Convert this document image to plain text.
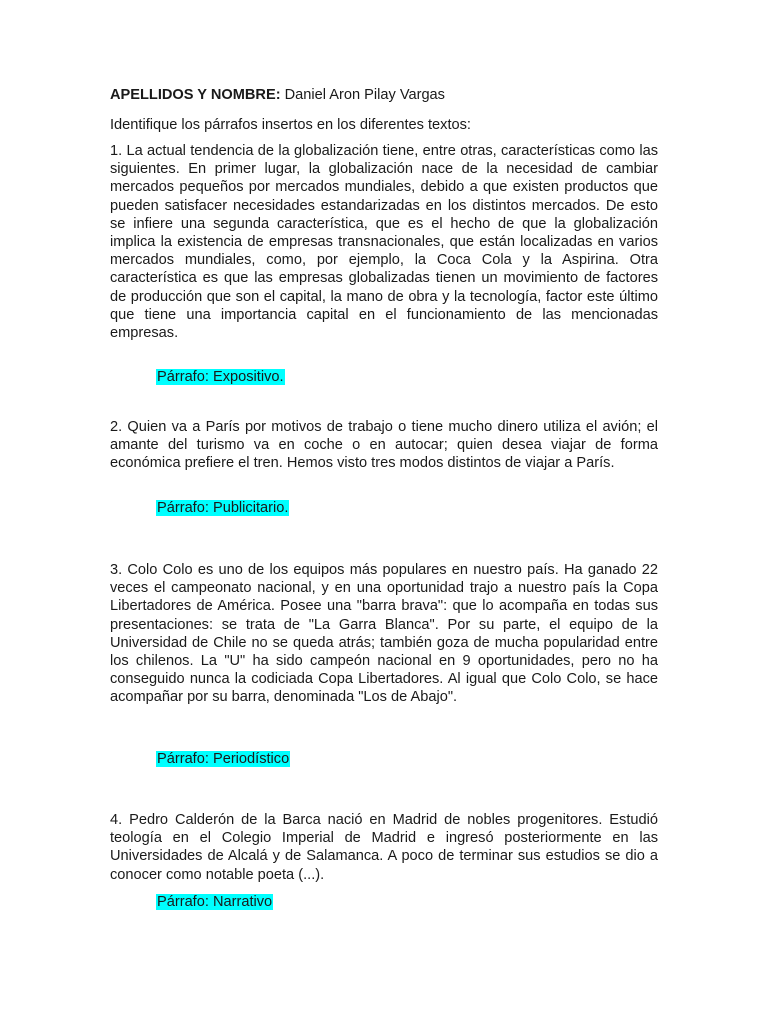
APELLIDOS Y NOMBRE: Daniel Aron Pilay Vargas
Identifique los párrafos insertos en los diferentes textos:
1. La actual tendencia de la globalización tiene, entre otras, características como las siguientes. En primer lugar, la globalización nace de la necesidad de cambiar mercados pequeños por mercados mundiales, debido a que existen productos que pueden satisfacer necesidades estandarizadas en los distintos mercados. De esto se infiere una segunda característica, que es el hecho de que la globalización implica la existencia de empresas transnacionales, que están localizadas en varios mercados mundiales, como, por ejemplo, la Coca Cola y la Aspirina. Otra característica es que las empresas globalizadas tienen un movimiento de factores de producción que son el capital, la mano de obra y la tecnología, factor este último que tiene una importancia capital en el funcionamiento de las mencionadas empresas.
Párrafo: Expositivo.
2. Quien va a París por motivos de trabajo o tiene mucho dinero utiliza el avión; el amante del turismo va en coche o en autocar; quien desea viajar de forma económica prefiere el tren. Hemos visto tres modos distintos de viajar a París.
Párrafo: Publicitario.
3. Colo Colo es uno de los equipos más populares en nuestro país. Ha ganado 22 veces el campeonato nacional, y en una oportunidad trajo a nuestro país la Copa Libertadores de América. Posee una "barra brava": que lo acompaña en todas sus presentaciones: se trata de "La Garra Blanca". Por su parte, el equipo de la Universidad de Chile no se queda atrás; también goza de mucha popularidad entre los chilenos. La "U" ha sido campeón nacional en 9 oportunidades, pero no ha conseguido nunca la codiciada Copa Libertadores. Al igual que Colo Colo, se hace acompañar por su barra, denominada "Los de Abajo".
Párrafo: Periodístico
4. Pedro Calderón de la Barca nació en Madrid de nobles progenitores. Estudió teología en el Colegio Imperial de Madrid e ingresó posteriormente en las Universidades de Alcalá y de Salamanca. A poco de terminar sus estudios se dio a conocer como notable poeta (...).
Párrafo: Narrativo
